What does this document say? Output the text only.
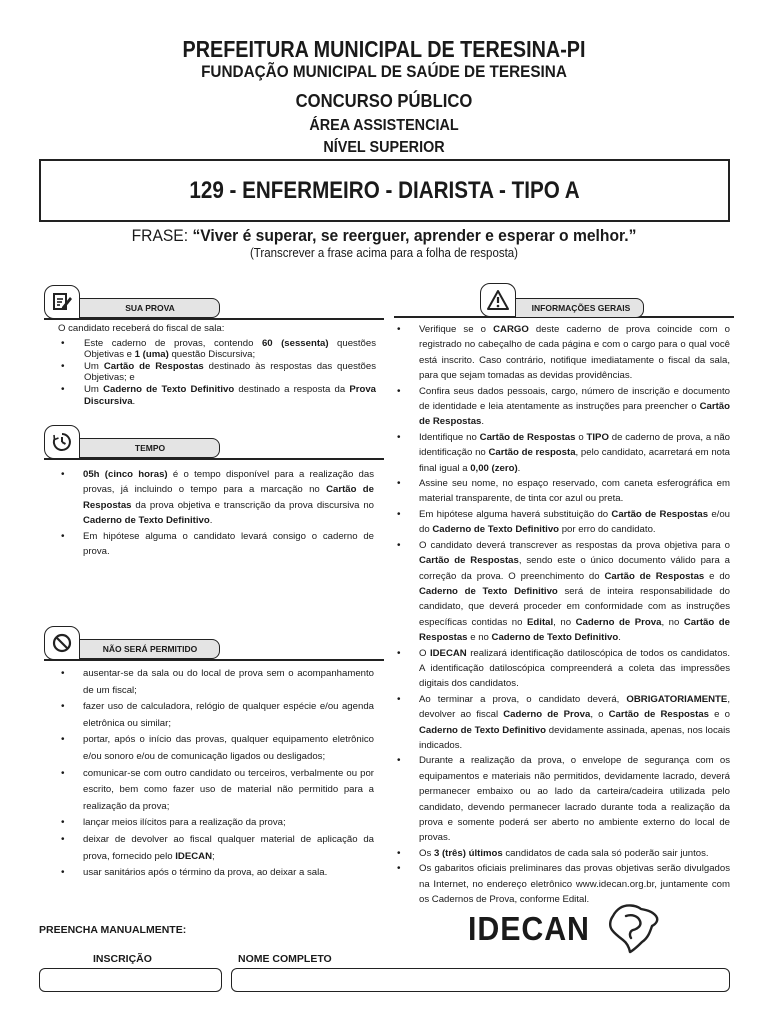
PREFEITURA MUNICIPAL DE TERESINA-PI
FUNDAÇÃO MUNICIPAL DE SAÚDE DE TERESINA
CONCURSO PÚBLICO
ÁREA ASSISTENCIAL
NÍVEL SUPERIOR
129 - ENFERMEIRO - DIARISTA - TIPO A
FRASE: “Viver é superar, se reerguer, aprender e esperar o melhor.”
(Transcrever a frase acima para a folha de resposta)
SUA PROVA

O candidato receberá do fiscal de sala:

• Este caderno de provas, contendo 60 (sessenta) questões Objetivas e 1 (uma) questão Discursiva;
• Um Cartão de Respostas destinado às respostas das questões Objetivas; e
• Um Caderno de Texto Definitivo destinado a resposta da Prova Discursiva.
TEMPO
• 05h (cinco horas) é o tempo disponível para a realização das provas, já incluindo o tempo para a marcação no Cartão de Respostas da prova objetiva e transcrição da prova discursiva no Caderno de Texto Definitivo.
• Em hipótese alguma o candidato levará consigo o caderno de prova.
NÃO SERÁ PERMITIDO
• ausentar-se da sala ou do local de prova sem o acompanhamento de um fiscal;
• fazer uso de calculadora, relógio de qualquer espécie e/ou agenda eletrônica ou similar;
• portar, após o início das provas, qualquer equipamento eletrônico e/ou sonoro e/ou de comunicação ligados ou desligados;
• comunicar-se com outro candidato ou terceiros, verbalmente ou por escrito, bem como fazer uso de material não permitido para a realização da prova;
• lançar meios ilícitos para a realização da prova;
• deixar de devolver ao fiscal qualquer material de aplicação da prova, fornecido pelo IDECAN;
• usar sanitários após o término da prova, ao deixar a sala.
INFORMAÇÕES GERAIS
• Verifique se o CARGO deste caderno de prova coincide com o registrado no cabeçalho de cada página e com o cargo para o qual você está inscrito. Caso contrário, notifique imediatamente o fiscal da sala, para que sejam tomadas as devidas providências.
• Confira seus dados pessoais, cargo, número de inscrição e documento de identidade e leia atentamente as instruções para preencher o Cartão de Respostas.
• Identifique no Cartão de Respostas o TIPO de caderno de prova, a não identificação no Cartão de resposta, pelo candidato, acarretará em nota final igual a 0,00 (zero).
• Assine seu nome, no espaço reservado, com caneta esferográfica em material transparente, de tinta cor azul ou preta.
• Em hipótese alguma haverá substituição do Cartão de Respostas e/ou do Caderno de Texto Definitivo por erro do candidato.
• O candidato deverá transcrever as respostas da prova objetiva para o Cartão de Respostas, sendo este o único documento válido para a correção da prova. O preenchimento do Cartão de Respostas e do Caderno de Texto Definitivo será de inteira responsabilidade do candidato, que deverá proceder em conformidade com as instruções específicas contidas no Edital, no Caderno de Prova, no Cartão de Respostas e no Caderno de Texto Definitivo.
• O IDECAN realizará identificação datiloscópica de todos os candidatos. A identificação datiloscópica compreenderá a coleta das impressões digitais dos candidatos.
• Ao terminar a prova, o candidato deverá, OBRIGATORIAMENTE, devolver ao fiscal Caderno de Prova, o Cartão de Respostas e o Caderno de Texto Definitivo devidamente assinada, apenas, nos locais indicados.
• Durante a realização da prova, o envelope de segurança com os equipamentos e materiais não permitidos, devidamente lacrado, deverá permanecer embaixo ou ao lado da carteira/cadeira utilizada pelo candidato, devendo permanecer lacrado durante toda a realização da prova e somente poderá ser aberto no ambiente externo do local de provas.
• Os 3 (três) últimos candidatos de cada sala só poderão sair juntos.
• Os gabaritos oficiais preliminares das provas objetivas serão divulgados na Internet, no endereço eletrônico www.idecan.org.br, juntamente com os Cadernos de Prova, conforme Edital.
PREENCHA MANUALMENTE:
INSCRIÇÃO	NOME COMPLETO
IDECAN
